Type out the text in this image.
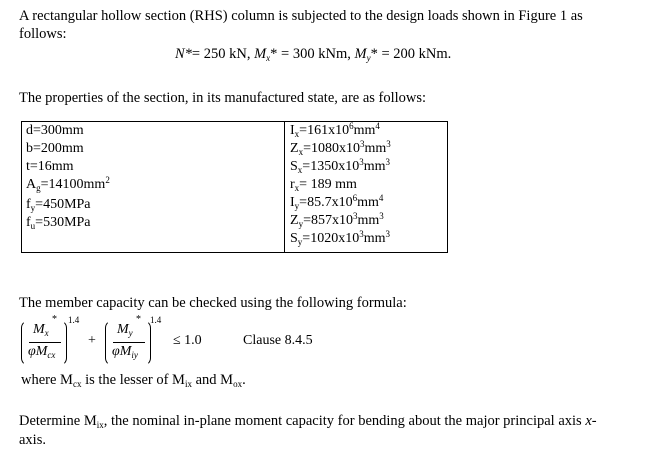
A rectangular hollow section (RHS) column is subjected to the design loads shown in Figure 1 as
follows:
N*= 250 kN, $M_x* = 300$ kNm, $M_y* = 200$ kNm.
The properties of the section, in its manufactured state, are as follows:
d=300mm
b=200mm
t=16mm
$A_g=14100mm^2$
$f_y=450MPa$
$f_u=530MPa$
$I_x=161x10^6mm^4$
$Z_x=1080x10^3mm^3$
$S_x=1350x10^3mm^3$
$r_x= 189$ mm
$I_y=85.7x10^6mm^4$
$Z_y=857x10^3mm^3$
$S_y=1020x10^3mm^3$
The member capacity can be checked using the following formula:
$M_x$
*
$\varphi M_{cx}$
1.4
+
$M_y$
*
$\varphi M_{iy}$
1.4
≤ 1.0	Clause 8.4.5
where $M_{cx}$ is the lesser of $M_{ix}$ and $M_{ox}$.
Determine $M_{ix}$, the nominal in-plane moment capacity for bending about the major principal axis x-
axis.
